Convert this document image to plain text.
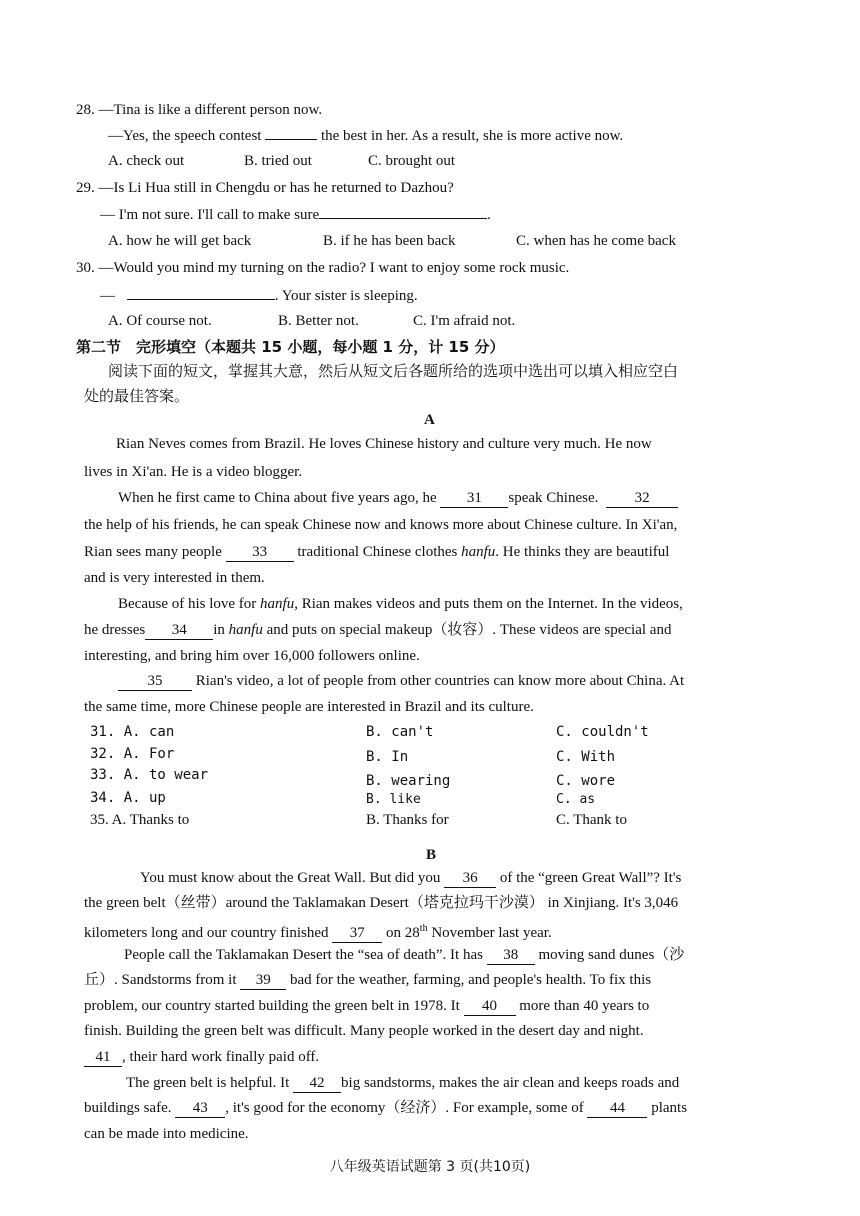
28. —Tina is like a different person now.
—Yes, the speech contest	the best in her. As a result, she is more active now.
A. check out	B. tried out	C. brought out
29. —Is Li Hua still in Chengdu or has he returned to Dazhou?
— I'm not sure. I'll call to make sure	.
A. how he will get back	B. if he has been back	C. when has he come back
30. —Would you mind my turning on the radio? I want to enjoy some rock music.
—	. Your sister is sleeping.
A. Of course not.	B. Better not.	C. I'm afraid not.
第二节　完形填空（本题共 15 小题，每小题 1 分，计 15 分）
阅读下面的短文，掌握其大意，然后从短文后各题所给的选项中选出可以填入相应空白
处的最佳答案。
A
Rian Neves comes from Brazil. He loves Chinese history and culture very much. He now
lives in Xi'an. He is a video blogger.
When he first came to China about five years ago, he 31 speak Chinese. 32
the help of his friends, he can speak Chinese now and knows more about Chinese culture. In Xi'an,
Rian sees many people 33 traditional Chinese clothes hanfu. He thinks they are beautiful
and is very interested in them.
Because of his love for hanfu, Rian makes videos and puts them on the Internet. In the videos,
he dresses 34 in hanfu and puts on special makeup（妆容）. These videos are special and
interesting, and bring him over 16,000 followers online.
35 Rian's video, a lot of people from other countries can know more about China. At
the same time, more Chinese people are interested in Brazil and its culture.
31. A. can	B. can't	C. couldn't
32. A. For	B. In	C. With
33. A. to wear	B. wearing	C. wore
34. A. up	B. like	C. as
35. A. Thanks to	B. Thanks for	C. Thank to
B
You must know about the Great Wall. But did you 36 of the “green Great Wall”? It's
the green belt（丝带）around the Taklamakan Desert（塔克拉玛干沙漠） in Xinjiang. It's 3,046
kilometers long and our country finished 37 on 28th November last year.
People call the Taklamakan Desert the “sea of death”. It has 38 moving sand dunes（沙
丘）. Sandstorms from it 39 bad for the weather, farming, and people's health. To fix this
problem, our country started building the green belt in 1978. It 40 more than 40 years to
finish. Building the green belt was difficult. Many people worked in the desert day and night.
41 , their hard work finally paid off.
The green belt is helpful. It 42 big sandstorms, makes the air clean and keeps roads and
buildings safe. 43 , it's good for the economy（经济）. For example, some of 44 plants
can be made into medicine.
八年级英语试题第 3 页(共10页)
